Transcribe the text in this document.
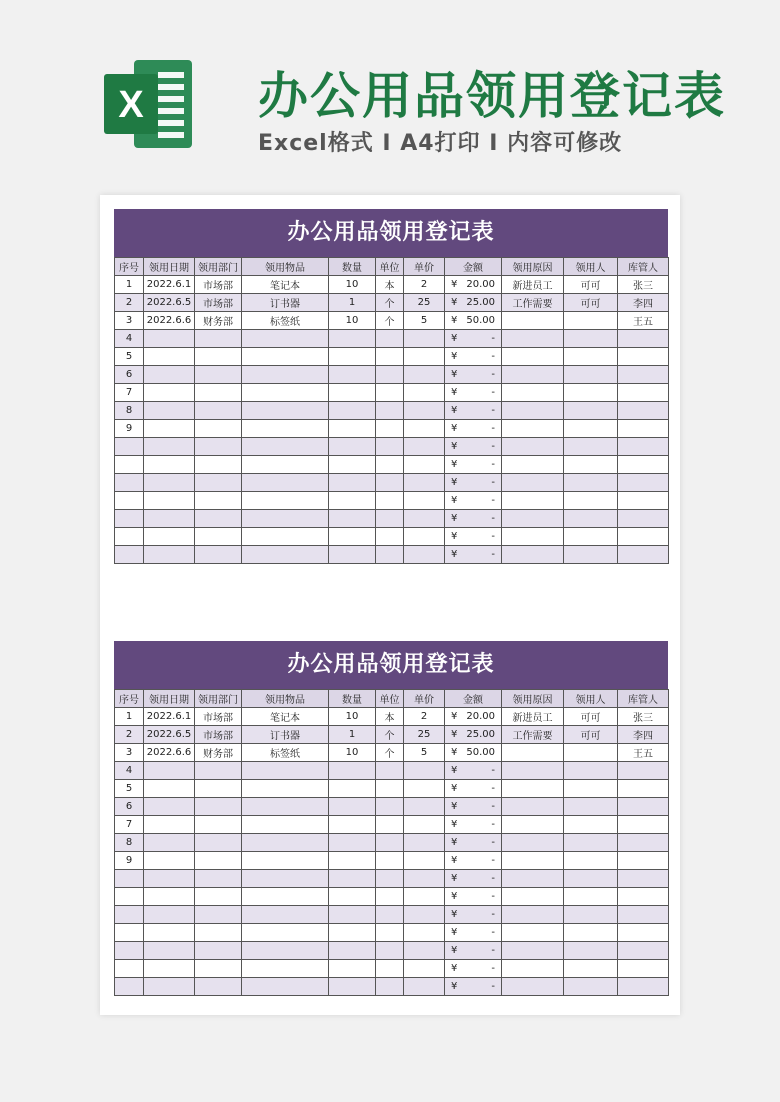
X 办公用品领用登记表
Excel格式 I A4打印 I 内容可修改
办公用品领用登记表
序号	领用日期	领用部门	领用物品	数量	单位	单价	金额	领用原因	领用人	库管人
1	2022.6.1	市场部	笔记本	10	本	2	¥ 20.00	新进员工	可可	张三
2	2022.6.5	市场部	订书器	1	个	25	¥ 25.00	工作需要	可可	李四
3	2022.6.6	财务部	标签纸	10	个	5	¥ 50.00			王五
4							¥ -			

5							¥ -			

6							¥ -			

7							¥ -			

8							¥ -			

9							¥ -			

							¥ -			

							¥ -			

							¥ -			

							¥ -			

							¥ -			

							¥ -			

							¥ -			

办公用品领用登记表
序号	领用日期	领用部门	领用物品	数量	单位	单价	金额	领用原因	领用人	库管人
1	2022.6.1	市场部	笔记本	10	本	2	¥ 20.00	新进员工	可可	张三
2	2022.6.5	市场部	订书器	1	个	25	¥ 25.00	工作需要	可可	李四
3	2022.6.6	财务部	标签纸	10	个	5	¥ 50.00			王五
4							¥ -			

5							¥ -			

6							¥ -			

7							¥ -			

8							¥ -			

9							¥ -			

							¥ -			

							¥ -			

							¥ -			

							¥ -			

							¥ -			

							¥ -			

							¥ -			
